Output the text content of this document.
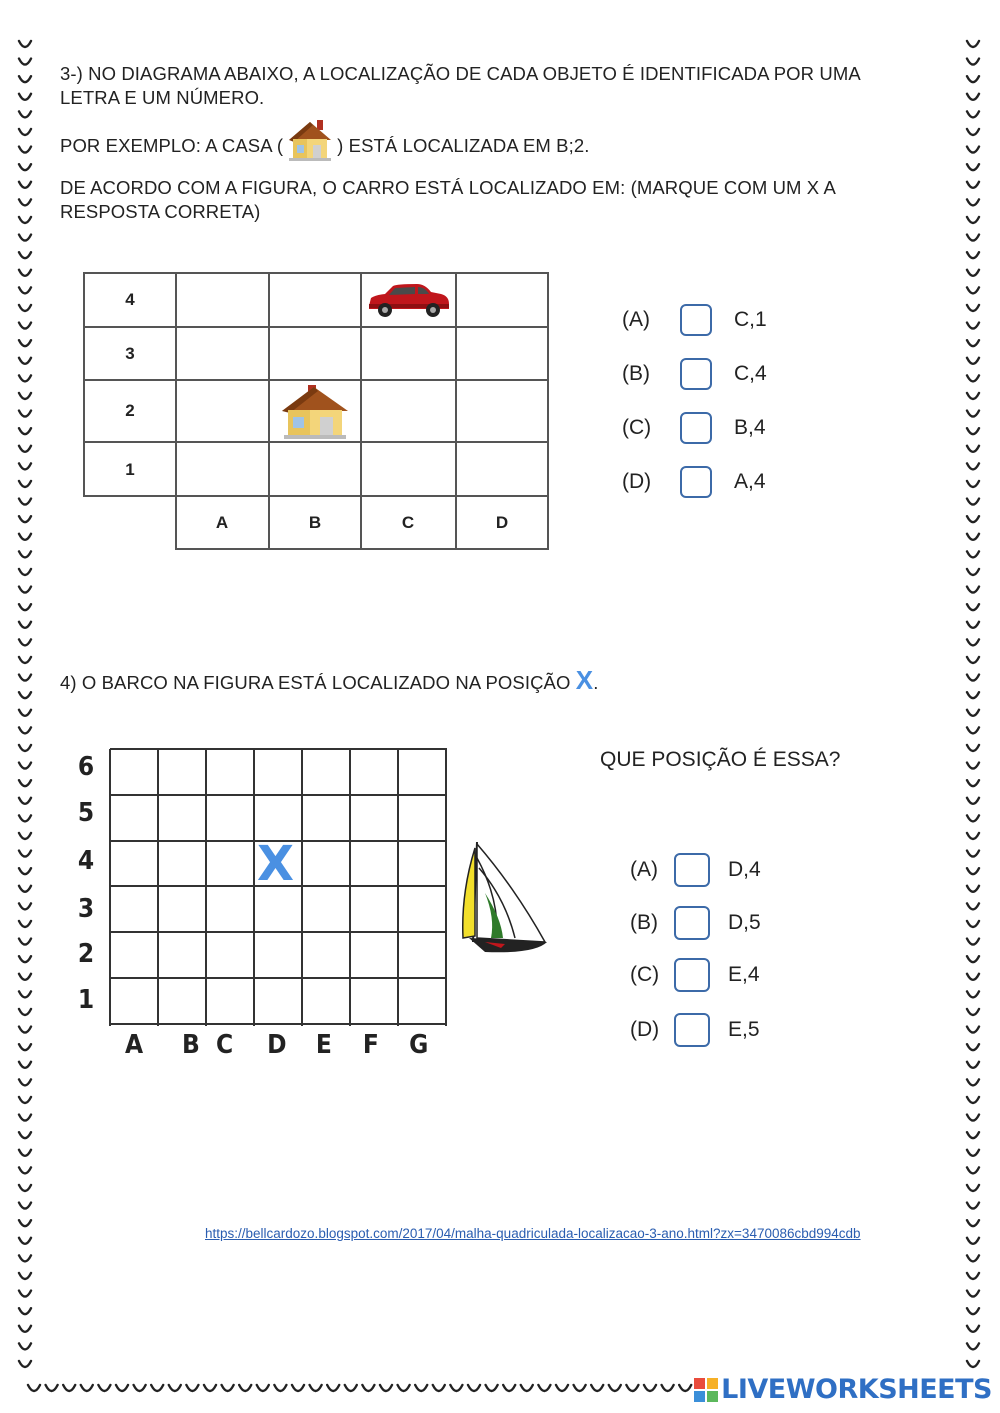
3-) NO DIAGRAMA ABAIXO, A LOCALIZAÇÃO DE CADA OBJETO É IDENTIFICADA POR UMA
LETRA E UM NÚMERO.
POR EXEMPLO: A CASA (	) ESTÁ LOCALIZADA EM B;2.
DE ACORDO COM A FIGURA, O CARRO ESTÁ LOCALIZADO EM: (MARQUE COM UM X A
RESPOSTA CORRETA)
4
3
2
1
A	B	C	D
(A)	C,1
(B)	C,4
(C)	B,4
(D)	A,4
4) O BARCO NA FIGURA ESTÁ LOCALIZADO NA POSIÇÃO X.
QUE POSIÇÃO É ESSA?
6
5
4
3
2
1
A B C D E F G
X	(A)	D,4
(B)	D,5
(C)	E,4
(D)	E,5
https://bellcardozo.blogspot.com/2017/04/malha-quadriculada-localizacao-3-ano.html?zx=3470086cbd994cdb
LIVEWORKSHEETS
